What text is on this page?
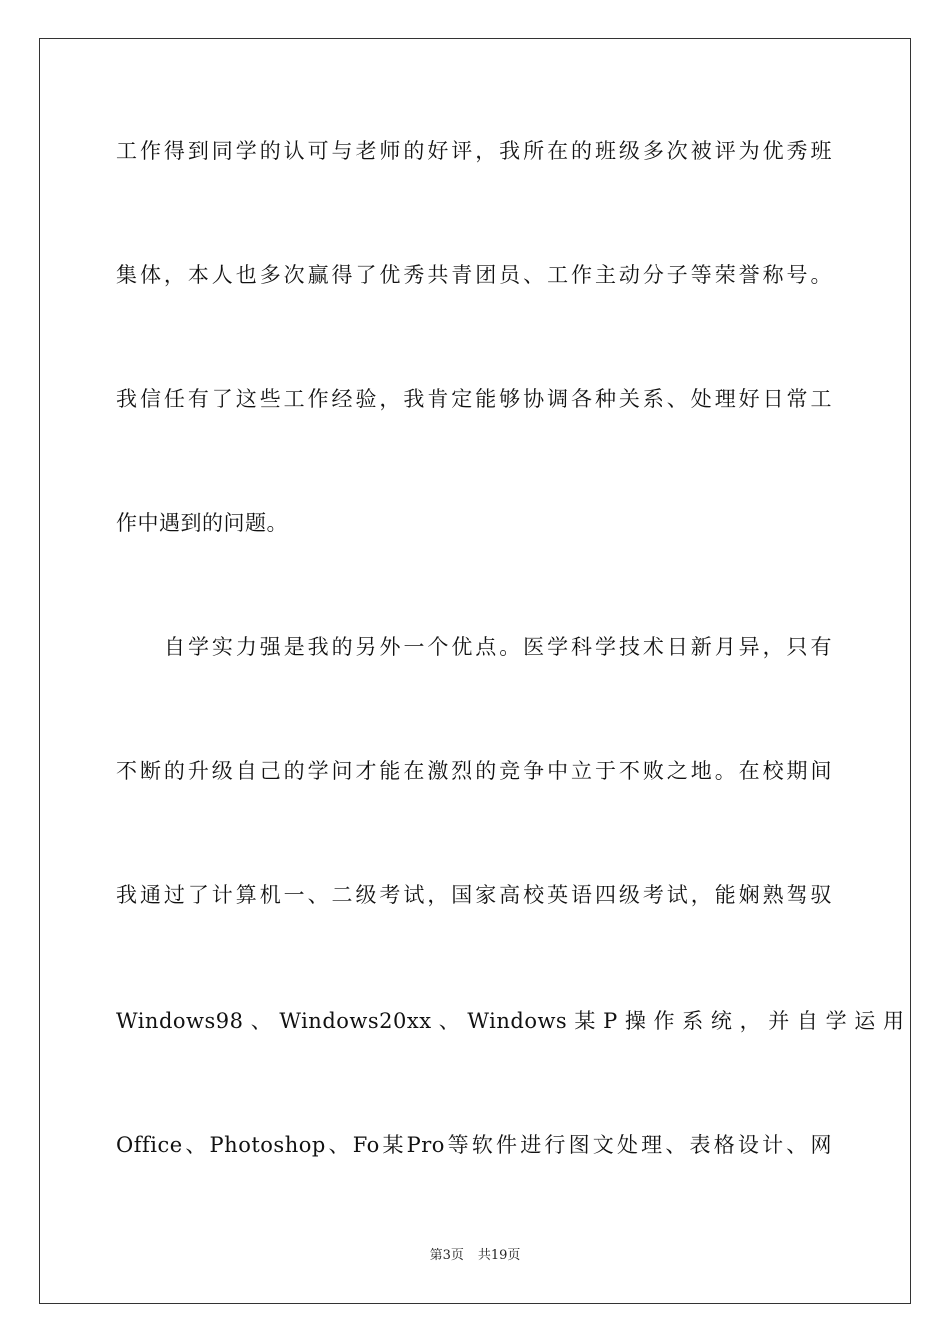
工作得到同学的认可与老师的好评，我所在的班级多次被评为优秀班
集体，本人也多次赢得了优秀共青团员、工作主动分子等荣誉称号。
我信任有了这些工作经验，我肯定能够协调各种关系、处理好日常工
作中遇到的问题。
自学实力强是我的另外一个优点。医学科学技术日新月异，只有
不断的升级自己的学问才能在激烈的竞争中立于不败之地。在校期间
我通过了计算机一、二级考试，国家高校英语四级考试，能娴熟驾驭
Windows98 、 Windows20xx 、 Windows 某 P 操 作 系 统 ， 并 自 学 运 用
Office、Photoshop、Fo某Pro等软件进行图文处理、表格设计、网
第3页 共19页
